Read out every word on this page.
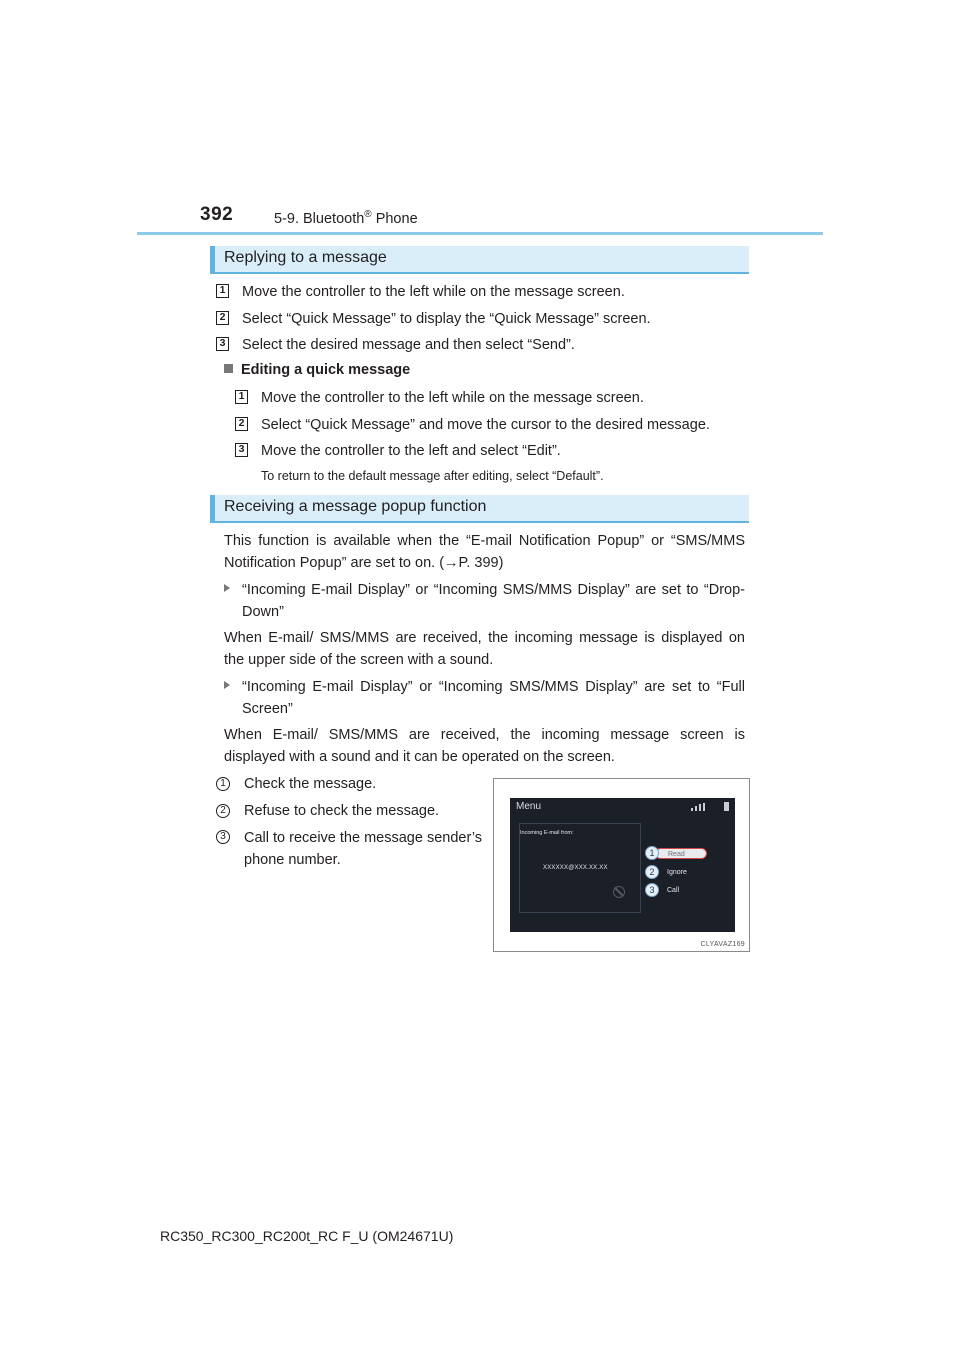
392	5-9. Bluetooth® Phone
Replying to a message
1 Move the controller to the left while on the message screen.
2 Select “Quick Message” to display the “Quick Message” screen.
3 Select the desired message and then select “Send”.
Editing a quick message
1 Move the controller to the left while on the message screen.
2 Select “Quick Message” and move the cursor to the desired message.
3 Move the controller to the left and select “Edit”.
To return to the default message after editing, select “Default”.
Receiving a message popup function
This function is available when the “E-mail Notification Popup” or “SMS/MMS Notification Popup” are set to on. (→P. 399)
“Incoming E-mail Display” or “Incoming SMS/MMS Display” are set to “Drop-Down”
When E-mail/ SMS/MMS are received, the incoming message is displayed on the upper side of the screen with a sound.
“Incoming E-mail Display” or “Incoming SMS/MMS Display” are set to “Full Screen”
When E-mail/ SMS/MMS are received, the incoming message screen is displayed with a sound and it can be operated on the screen.
1 Check the message.
2 Refuse to check the message.
3 Call to receive the message sender’s phone number.
Menu
Incoming E-mail from:
XXXXXX@XXX.XX.XX
Read
1
Ignore
2
Call
3
CLYAVAZ169
RC350_RC300_RC200t_RC F_U (OM24671U)
